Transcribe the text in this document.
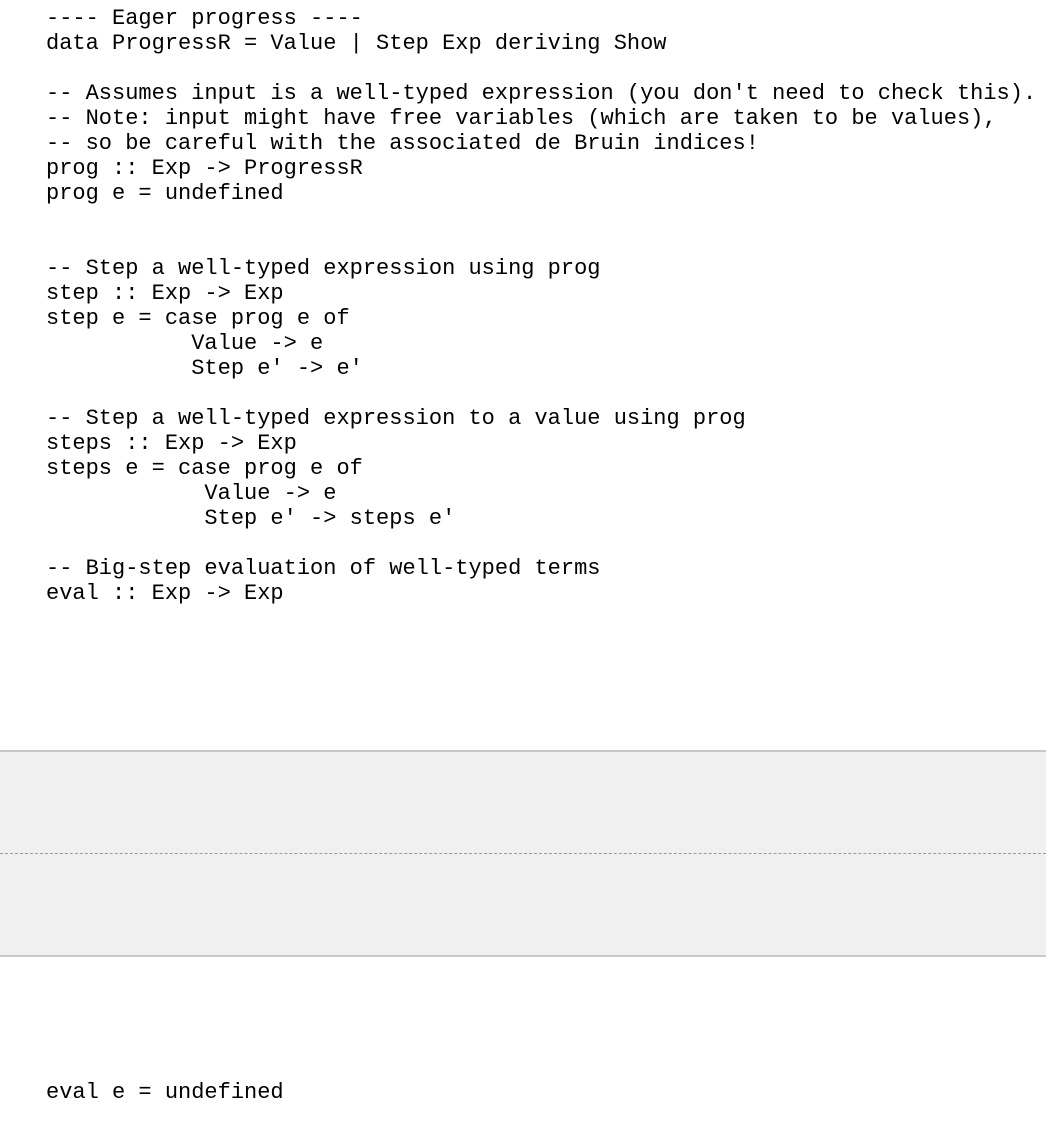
---- Eager progress ----
data ProgressR = Value | Step Exp deriving Show
-- Assumes input is a well-typed expression (you don't need to check this).
-- Note: input might have free variables (which are taken to be values),
-- so be careful with the associated de Bruin indices!
prog :: Exp -> ProgressR
prog e = undefined
-- Step a well-typed expression using prog
step :: Exp -> Exp
step e = case prog e of
Value -> e
Step e' -> e'
-- Step a well-typed expression to a value using prog
steps :: Exp -> Exp
steps e = case prog e of
Value -> e
Step e' -> steps e'
-- Big-step evaluation of well-typed terms
eval :: Exp -> Exp
eval e = undefined
